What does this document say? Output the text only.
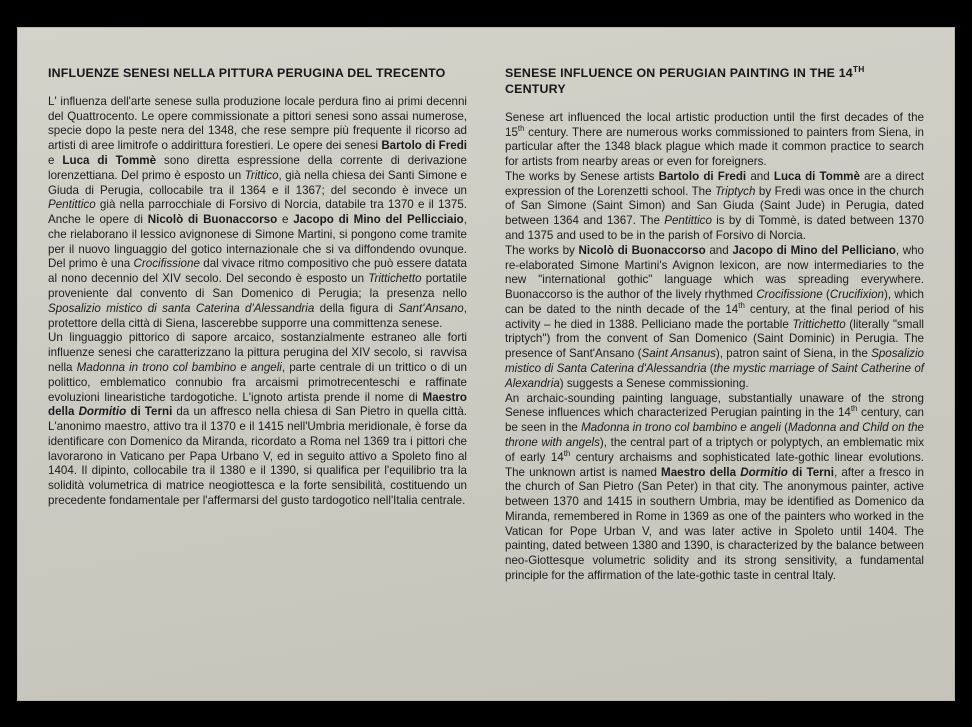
INFLUENZE SENESI NELLA PITTURA PERUGINA DEL TRECENTO

L' influenza dell'arte senese sulla produzione locale perdura fino ai primi decenni del Quattrocento. Le opere commissionate a pittori senesi sono assai numerose, specie dopo la peste nera del 1348, che rese sempre più frequente il ricorso ad artisti di aree limitrofe o addirittura forestieri. Le opere dei senesi Bartolo di Fredi e Luca di Tommè sono diretta espressione della corrente di derivazione lorenzettiana. Del primo è esposto un Trittico, già nella chiesa dei Santi Simone e Giuda di Perugia, collocabile tra il 1364 e il 1367; del secondo è invece un Pentittico già nella parrocchiale di Forsivo di Norcia, databile tra 1370 e il 1375. Anche le opere di Nicolò di Buonaccorso e Jacopo di Mino del Pellicciaio, che rielaborano il lessico avignonese di Simone Martini, si pongono come tramite per il nuovo linguaggio del gotico internazionale che si va diffondendo ovunque. Del primo è una Crocifissione dal vivace ritmo compositivo che può essere datata al nono decennio del XIV secolo. Del secondo è esposto un Trittichetto portatile proveniente dal convento di San Domenico di Perugia; la presenza nello Sposalizio mistico di santa Caterina d'Alessandria della figura di Sant'Ansano, protettore della città di Siena, lascerebbe supporre una committenza senese.

Un linguaggio pittorico di sapore arcaico, sostanzialmente estraneo alle forti influenze senesi che caratterizzano la pittura perugina del XIV secolo, si  ravvisa nella Madonna in trono col bambino e angeli, parte centrale di un trittico o di un polittico, emblematico connubio fra arcaismi primotrecenteschi e raffinate evoluzioni linearistiche tardogotiche. L'ignoto artista prende il nome di Maestro della Dormitio di Terni da un affresco nella chiesa di San Pietro in quella città. L'anonimo maestro, attivo tra il 1370 e il 1415 nell'Umbria meridionale, è forse da identificare con Domenico da Miranda, ricordato a Roma nel 1369 tra i pittori che lavorarono in Vaticano per Papa Urbano V, ed in seguito attivo a Spoleto fino al 1404. Il dipinto, collocabile tra il 1380 e il 1390, si qualifica per l'equilibrio tra la solidità volumetrica di matrice neogiottesca e la forte sensibilità, costituendo un precedente fondamentale per l'affermarsi del gusto tardogotico nell'Italia centrale.

SENESE INFLUENCE ON PERUGIAN PAINTING IN THE 14TH CENTURY

Senese art influenced the local artistic production until the first decades of the 15th century. There are numerous works commissioned to painters from Siena, in particular after the 1348 black plague which made it common practice to search for artists from nearby areas or even for foreigners.

The works by Senese artists Bartolo di Fredi and Luca di Tommè are a direct expression of the Lorenzetti school. The Triptych by Fredi was once in the church of San Simone (Saint Simon) and San Giuda (Saint Jude) in Perugia, dated between 1364 and 1367. The Pentittico is by di Tommè, is dated between 1370 and 1375 and used to be in the parish of Forsivo di Norcia.

The works by Nicolò di Buonaccorso and Jacopo di Mino del Pelliciano, who re-elaborated Simone Martini's Avignon lexicon, are now intermediaries to the new "international gothic" language which was spreading everywhere. Buonaccorso is the author of the lively rhythmed Crocifissione (Crucifixion), which can be dated to the ninth decade of the 14th century, at the final period of his activity – he died in 1388. Pelliciano made the portable Trittichetto (literally "small triptych") from the convent of San Domenico (Saint Dominic) in Perugia. The presence of Sant'Ansano (Saint Ansanus), patron saint of Siena, in the Sposalizio mistico di Santa Caterina d'Alessandria (the mystic marriage of Saint Catherine of Alexandria) suggests a Senese commissioning.

An archaic-sounding painting language, substantially unaware of the strong Senese influences which characterized Perugian painting in the 14th century, can be seen in the Madonna in trono col bambino e angeli (Madonna and Child on the throne with angels), the central part of a triptych or polyptych, an emblematic mix of early 14th century archaisms and sophisticated late-gothic linear evolutions. The unknown artist is named Maestro della Dormitio di Terni, after a fresco in the church of San Pietro (San Peter) in that city. The anonymous painter, active between 1370 and 1415 in southern Umbria, may be identified as Domenico da Miranda, remembered in Rome in 1369 as one of the painters who worked in the Vatican for Pope Urban V, and was later active in Spoleto until 1404. The painting, dated between 1380 and 1390, is characterized by the balance between neo-Giottesque volumetric solidity and its strong sensitivity, a fundamental principle for the affirmation of the late-gothic taste in central Italy.
